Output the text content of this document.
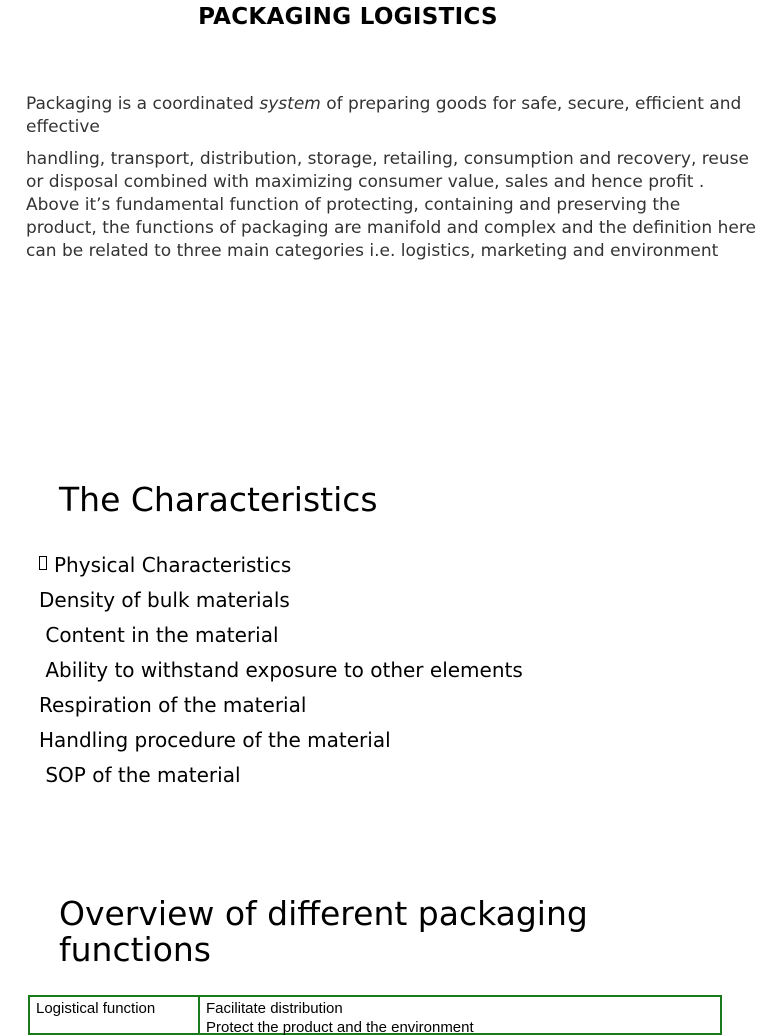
PACKAGING LOGISTICS
Packaging is a coordinated system of preparing goods for safe, secure, efficient and effective
handling, transport, distribution, storage, retailing, consumption and recovery, reuse or disposal combined with maximizing consumer value, sales and hence profit . Above it’s fundamental function of protecting, containing and preserving the product, the functions of packaging are manifold and complex and the definition here can be related to three main categories i.e. logistics, marketing and environment
The Characteristics
Physical Characteristics
Density of bulk materials
Content in the material
Ability to withstand exposure to other elements
Respiration of the material
Handling procedure of the material
SOP of the material
Overview of different packaging functions
Logistical function	Facilitate distribution
Protect the product and the environment
